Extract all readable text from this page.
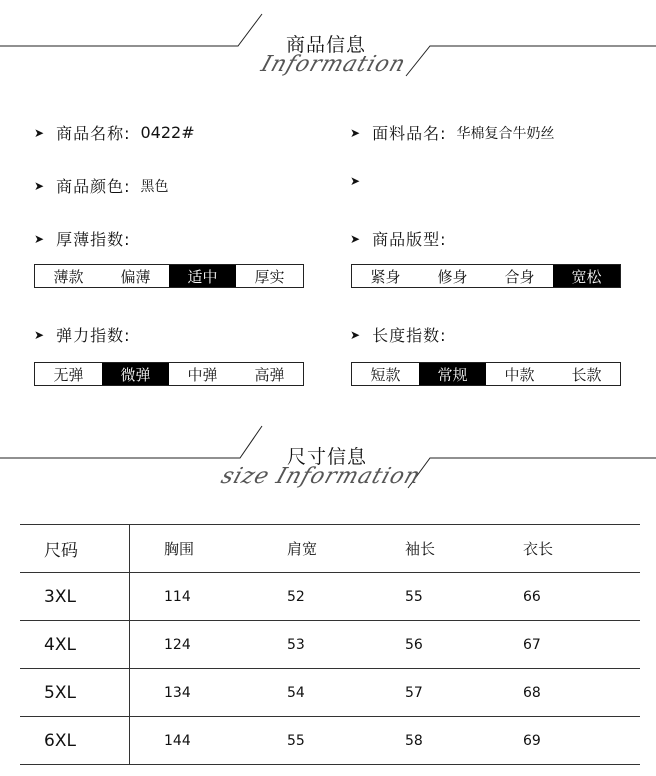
商品信息
Information
➤ 商品名称: 0422#	➤ 面料品名: 华棉复合牛奶丝
➤ 商品颜色: 黑色	➤
➤ 厚薄指数:	➤ 商品版型:
薄款	偏薄	适中	厚实	紧身	修身	合身	宽松
➤ 弹力指数:	➤ 长度指数:
无弹	微弹	中弹	高弹	短款	常规	中款	长款
尺寸信息
size Information
尺码	胸围	肩宽	袖长	衣长
3XL	114	52	55	66
4XL	124	53	56	67
5XL	134	54	57	68
6XL	144	55	58	69
